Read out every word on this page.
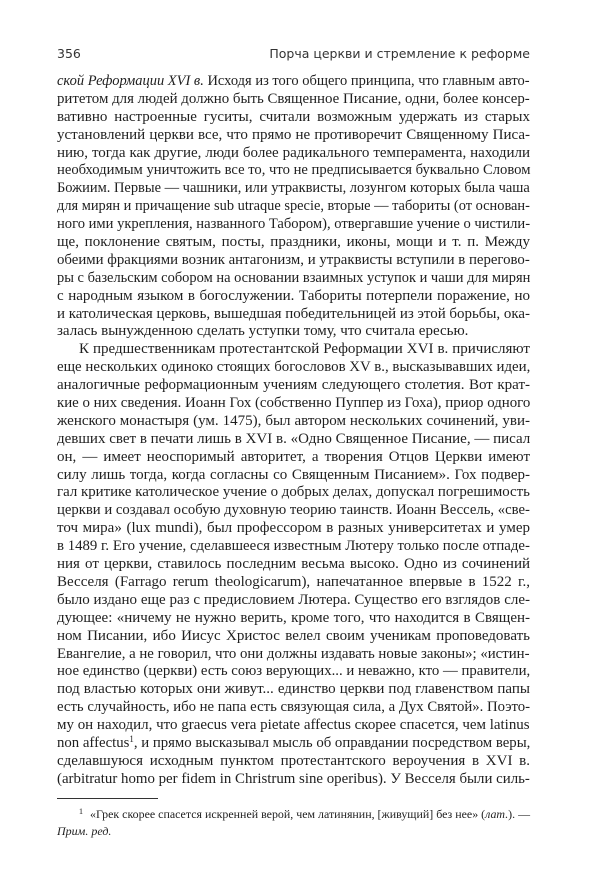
356	Порча церкви и стремление к реформе
ской Реформации XVI в. Исходя из того общего принципа, что главным авто-
ритетом для людей должно быть Священное Писание, одни, более консер-
вативно настроенные гуситы, считали возможным удержать из старых
установлений церкви все, что прямо не противоречит Священному Писа-
нию, тогда как другие, люди более радикального темперамента, находили
необходимым уничтожить все то, что не предписывается буквально Словом
Божиим. Первые — чашники, или утраквисты, лозунгом которых была чаша
для мирян и причащение sub utraque specie, вторые — табориты (от основан-
ного ими укрепления, названного Табором), отвергавшие учение о чистили-
ще, поклонение святым, посты, праздники, иконы, мощи и т. п. Между
обеими фракциями возник антагонизм, и утраквисты вступили в перегово-
ры с базельским собором на основании взаимных уступок и чаши для мирян
с народным языком в богослужении. Табориты потерпели поражение, но
и католическая церковь, вышедшая победительницей из этой борьбы, ока-
залась вынужденною сделать уступки тому, что считала ересью.
К предшественникам протестантской Реформации XVI в. причисляют
еще нескольких одиноко стоящих богословов XV в., высказывавших идеи,
аналогичные реформационным учениям следующего столетия. Вот крат-
кие о них сведения. Иоанн Гох (собственно Пуппер из Гоха), приор одного
женского монастыря (ум. 1475), был автором нескольких сочинений, уви-
девших свет в печати лишь в XVI в. «Одно Священное Писание, — писал
он, — имеет неоспоримый авторитет, а творения Отцов Церкви имеют
силу лишь тогда, когда согласны со Священным Писанием». Гох подвер-
гал критике католическое учение о добрых делах, допускал погрешимость
церкви и создавал особую духовную теорию таинств. Иоанн Вессель, «све-
точ мира» (lux mundi), был профессором в разных университетах и умер
в 1489 г. Его учение, сделавшееся известным Лютеру только после отпаде-
ния от церкви, ставилось последним весьма высоко. Одно из сочинений
Весселя (Farrago rerum theologicarum), напечатанное впервые в 1522 г.,
было издано еще раз с предисловием Лютера. Существо его взглядов сле-
дующее: «ничему не нужно верить, кроме того, что находится в Священ-
ном Писании, ибо Иисус Христос велел своим ученикам проповедовать
Евангелие, а не говорил, что они должны издавать новые законы»; «истин-
ное единство (церкви) есть союз верующих... и неважно, кто — правители,
под властью которых они живут... единство церкви под главенством папы
есть случайность, ибо не папа есть связующая сила, а Дух Святой». Поэто-
му он находил, что graecus vera pietate affectus скорее спасется, чем latinus
non affectus$^1$, и прямо высказывал мысль об оправдании посредством веры,
сделавшуюся исходным пунктом протестантского вероучения в XVI в.
(arbitratur homo per fidem in Christrum sine operibus). У Весселя были силь-
$^1$ «Грек скорее спасется искренней верой, чем латинянин, [живущий] без нее» (лат.). —
Прим. ред.
